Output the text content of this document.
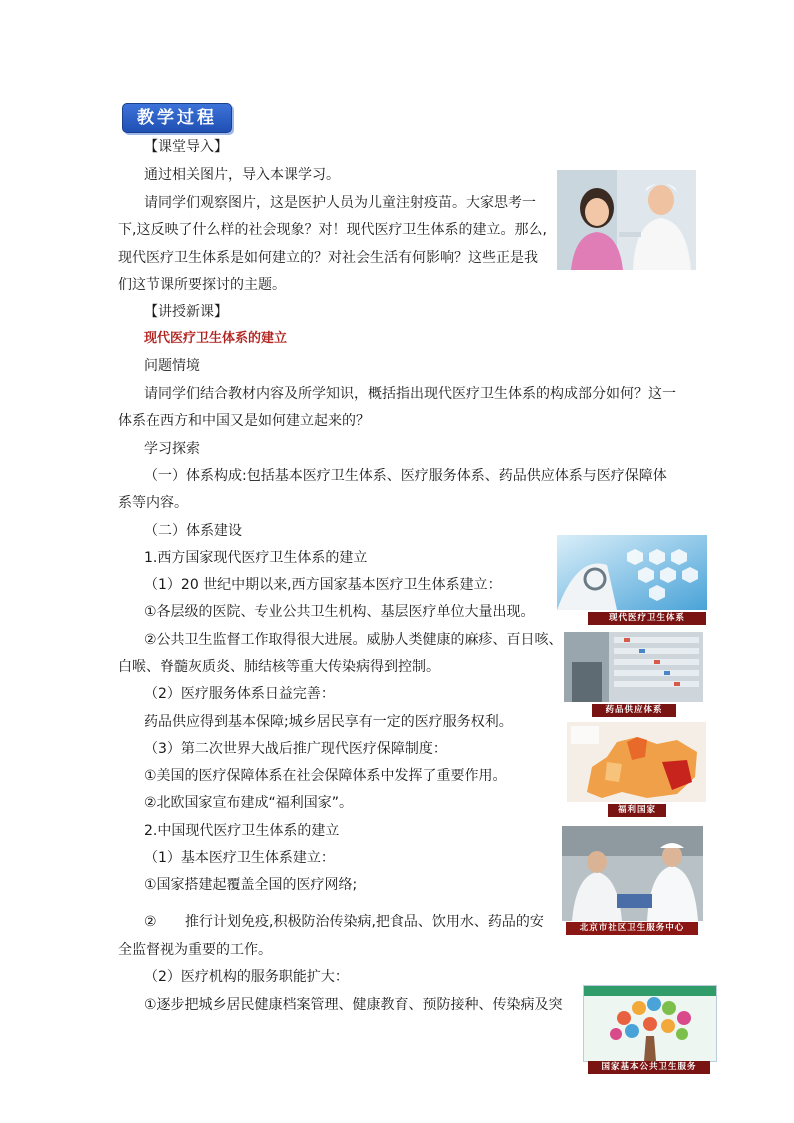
教学过程
【课堂导入】
通过相关图片，导入本课学习。
请同学们观察图片，这是医护人员为儿童注射疫苗。大家思考一
下,这反映了什么样的社会现象？对！现代医疗卫生体系的建立。那么,
现代医疗卫生体系是如何建立的？对社会生活有何影响？这些正是我
们这节课所要探讨的主题。
【讲授新课】
现代医疗卫生体系的建立
问题情境
请同学们结合教材内容及所学知识，概括指出现代医疗卫生体系的构成部分如何？这一
体系在西方和中国又是如何建立起来的？
学习探索
（一）体系构成:包括基本医疗卫生体系、医疗服务体系、药品供应体系与医疗保障体
系等内容。
（二）体系建设
1.西方国家现代医疗卫生体系的建立
（1）20 世纪中期以来,西方国家基本医疗卫生体系建立：
①各层级的医院、专业公共卫生机构、基层医疗单位大量出现。
②公共卫生监督工作取得很大进展。威胁人类健康的麻疹、百日咳、
白喉、脊髓灰质炎、肺结核等重大传染病得到控制。
（2）医疗服务体系日益完善：
药品供应得到基本保障;城乡居民享有一定的医疗服务权利。
（3）第二次世界大战后推广现代医疗保障制度：
①美国的医疗保障体系在社会保障体系中发挥了重要作用。
②北欧国家宣布建成“福利国家”。
2.中国现代医疗卫生体系的建立
（1）基本医疗卫生体系建立：
①国家搭建起覆盖全国的医疗网络;
② 推行计划免疫,积极防治传染病,把食品、饮用水、药品的安
全监督视为重要的工作。
（2）医疗机构的服务职能扩大：
①逐步把城乡居民健康档案管理、健康教育、预防接种、传染病及突
现代医疗卫生体系
药品供应体系
福利国家
北京市社区卫生服务中心
国家基本公共卫生服务
